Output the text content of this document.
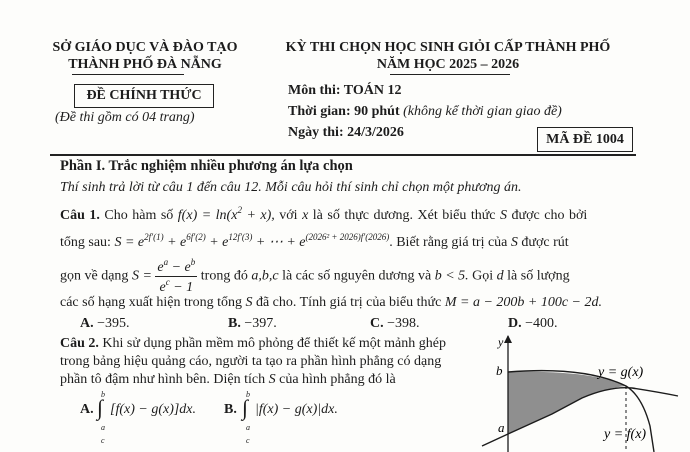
SỞ GIÁO DỤC VÀ ĐÀO TẠO
THÀNH PHỐ ĐÀ NẴNG
KỲ THI CHỌN HỌC SINH GIỎI CẤP THÀNH PHỐ
NĂM HỌC 2025 – 2026
ĐỀ CHÍNH THỨC
(Đề thi gồm có 04 trang)
Môn thi: TOÁN 12
Thời gian: 90 phút (không kể thời gian giao đề)
Ngày thi: 24/3/2026	MÃ ĐỀ 1004
Phần I. Trắc nghiệm nhiều phương án lựa chọn
Thí sinh trả lời từ câu 1 đến câu 12. Mỗi câu hỏi thí sinh chỉ chọn một phương án.
Câu 1. Cho hàm số $f(x) = \ln(x^2 + x)$, với x là số thực dương. Xét biểu thức S được cho bởi
tổng sau: $S = e^{2f'(1)} + e^{6f'(2)} + e^{12f'(3)}$ + ⋯ + $e^{(2026^2 + 2026)f'(2026)}$. Biết rằng giá trị của S được rút
gọn về dạng $S = \frac{e^a - e^b}{e^c - 1}$ trong đó a,b,c là các số nguyên dương và b < 5. Gọi d là số lượng
các số hạng xuất hiện trong tổng S đã cho. Tính giá trị của biểu thức M = a − 200b + 100c − 2d.
A. −395.	B. −397.	C. −398.	D. −400.
Câu 2. Khi sử dụng phần mềm mô phỏng để thiết kế một mảnh ghép
trong bảng hiệu quảng cáo, người ta tạo ra phần hình phẳng có dạng
phần tô đậm như hình bên. Diện tích S của hình phẳng đó là
A.
b
∫
a
[f(x) − g(x)]dx. B.
b
∫
a
|f(x) − g(x)|dx.
c	c
y
b
a
y = g(x)
y = f(x)
